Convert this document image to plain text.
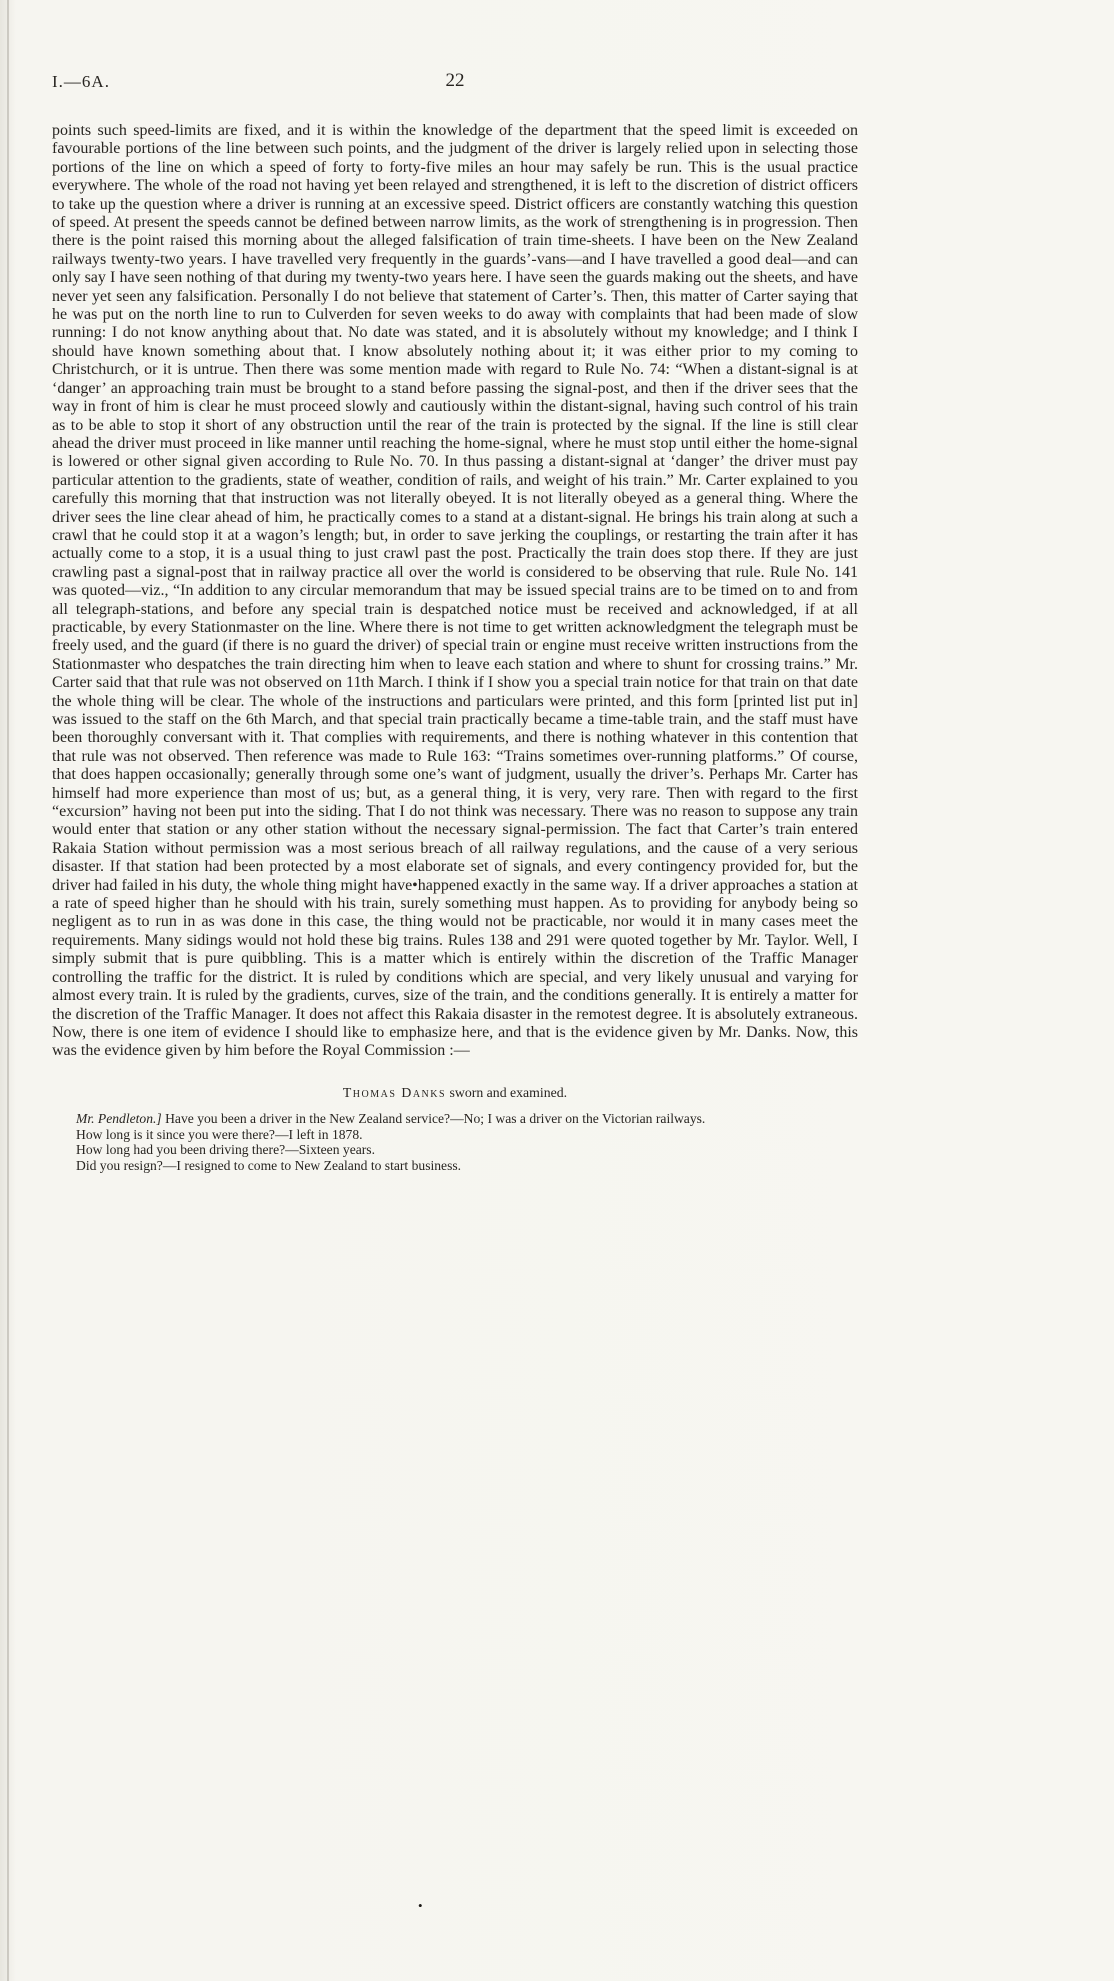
I.—6A.	22

points such speed-limits are fixed, and it is within the knowledge of the department that the speed limit is exceeded on favourable portions of the line between such points, and the judgment of the driver is largely relied upon in selecting those portions of the line on which a speed of forty to forty-five miles an hour may safely be run. This is the usual practice everywhere. The whole of the road not having yet been relayed and strengthened, it is left to the discretion of district officers to take up the question where a driver is running at an excessive speed. District officers are constantly watching this question of speed. At present the speeds cannot be defined between narrow limits, as the work of strengthening is in progression. Then there is the point raised this morning about the alleged falsification of train time-sheets. I have been on the New Zealand railways twenty-two years. I have travelled very frequently in the guards’-vans—and I have travelled a good deal—and can only say I have seen nothing of that during my twenty-two years here. I have seen the guards making out the sheets, and have never yet seen any falsification. Personally I do not believe that statement of Carter’s. Then, this matter of Carter saying that he was put on the north line to run to Culverden for seven weeks to do away with complaints that had been made of slow running: I do not know anything about that. No date was stated, and it is absolutely without my knowledge; and I think I should have known something about that. I know absolutely nothing about it; it was either prior to my coming to Christchurch, or it is untrue. Then there was some mention made with regard to Rule No. 74: “When a distant-signal is at ‘danger’ an approaching train must be brought to a stand before passing the signal-post, and then if the driver sees that the way in front of him is clear he must proceed slowly and cautiously within the distant-signal, having such control of his train as to be able to stop it short of any obstruction until the rear of the train is protected by the signal. If the line is still clear ahead the driver must proceed in like manner until reaching the home-signal, where he must stop until either the home-signal is lowered or other signal given according to Rule No. 70. In thus passing a distant-signal at ‘danger’ the driver must pay particular attention to the gradients, state of weather, condition of rails, and weight of his train.” Mr. Carter explained to you carefully this morning that that instruction was not literally obeyed. It is not literally obeyed as a general thing. Where the driver sees the line clear ahead of him, he practically comes to a stand at a distant-signal. He brings his train along at such a crawl that he could stop it at a wagon’s length; but, in order to save jerking the couplings, or restarting the train after it has actually come to a stop, it is a usual thing to just crawl past the post. Practically the train does stop there. If they are just crawling past a signal-post that in railway practice all over the world is considered to be observing that rule. Rule No. 141 was quoted—viz., “In addition to any circular memorandum that may be issued special trains are to be timed on to and from all telegraph-stations, and before any special train is despatched notice must be received and acknowledged, if at all practicable, by every Stationmaster on the line. Where there is not time to get written acknowledgment the telegraph must be freely used, and the guard (if there is no guard the driver) of special train or engine must receive written instructions from the Stationmaster who despatches the train directing him when to leave each station and where to shunt for crossing trains.” Mr. Carter said that that rule was not observed on 11th March. I think if I show you a special train notice for that train on that date the whole thing will be clear. The whole of the instructions and particulars were printed, and this form [printed list put in] was issued to the staff on the 6th March, and that special train practically became a time-table train, and the staff must have been thoroughly conversant with it. That complies with requirements, and there is nothing whatever in this contention that that rule was not observed. Then reference was made to Rule 163: “Trains sometimes over-running platforms.” Of course, that does happen occasionally; generally through some one’s want of judgment, usually the driver’s. Perhaps Mr. Carter has himself had more experience than most of us; but, as a general thing, it is very, very rare. Then with regard to the first “excursion” having not been put into the siding. That I do not think was necessary. There was no reason to suppose any train would enter that station or any other station without the necessary signal-permission. The fact that Carter’s train entered Rakaia Station without permission was a most serious breach of all railway regulations, and the cause of a very serious disaster. If that station had been protected by a most elaborate set of signals, and every contingency provided for, but the driver had failed in his duty, the whole thing might have•happened exactly in the same way. If a driver approaches a station at a rate of speed higher than he should with his train, surely something must happen. As to providing for anybody being so negligent as to run in as was done in this case, the thing would not be practicable, nor would it in many cases meet the requirements. Many sidings would not hold these big trains. Rules 138 and 291 were quoted together by Mr. Taylor. Well, I simply submit that is pure quibbling. This is a matter which is entirely within the discretion of the Traffic Manager controlling the traffic for the district. It is ruled by conditions which are special, and very likely unusual and varying for almost every train. It is ruled by the gradients, curves, size of the train, and the conditions generally. It is entirely a matter for the discretion of the Traffic Manager. It does not affect this Rakaia disaster in the remotest degree. It is absolutely extraneous. Now, there is one item of evidence I should like to emphasize here, and that is the evidence given by Mr. Danks. Now, this was the evidence given by him before the Royal Commission :—

Thomas Danks sworn and examined.

Mr. Pendleton.] Have you been a driver in the New Zealand service?—No; I was a driver on the Victorian railways.

How long is it since you were there?—I left in 1878.

How long had you been driving there?—Sixteen years.

Did you resign?—I resigned to come to New Zealand to start business.

•
